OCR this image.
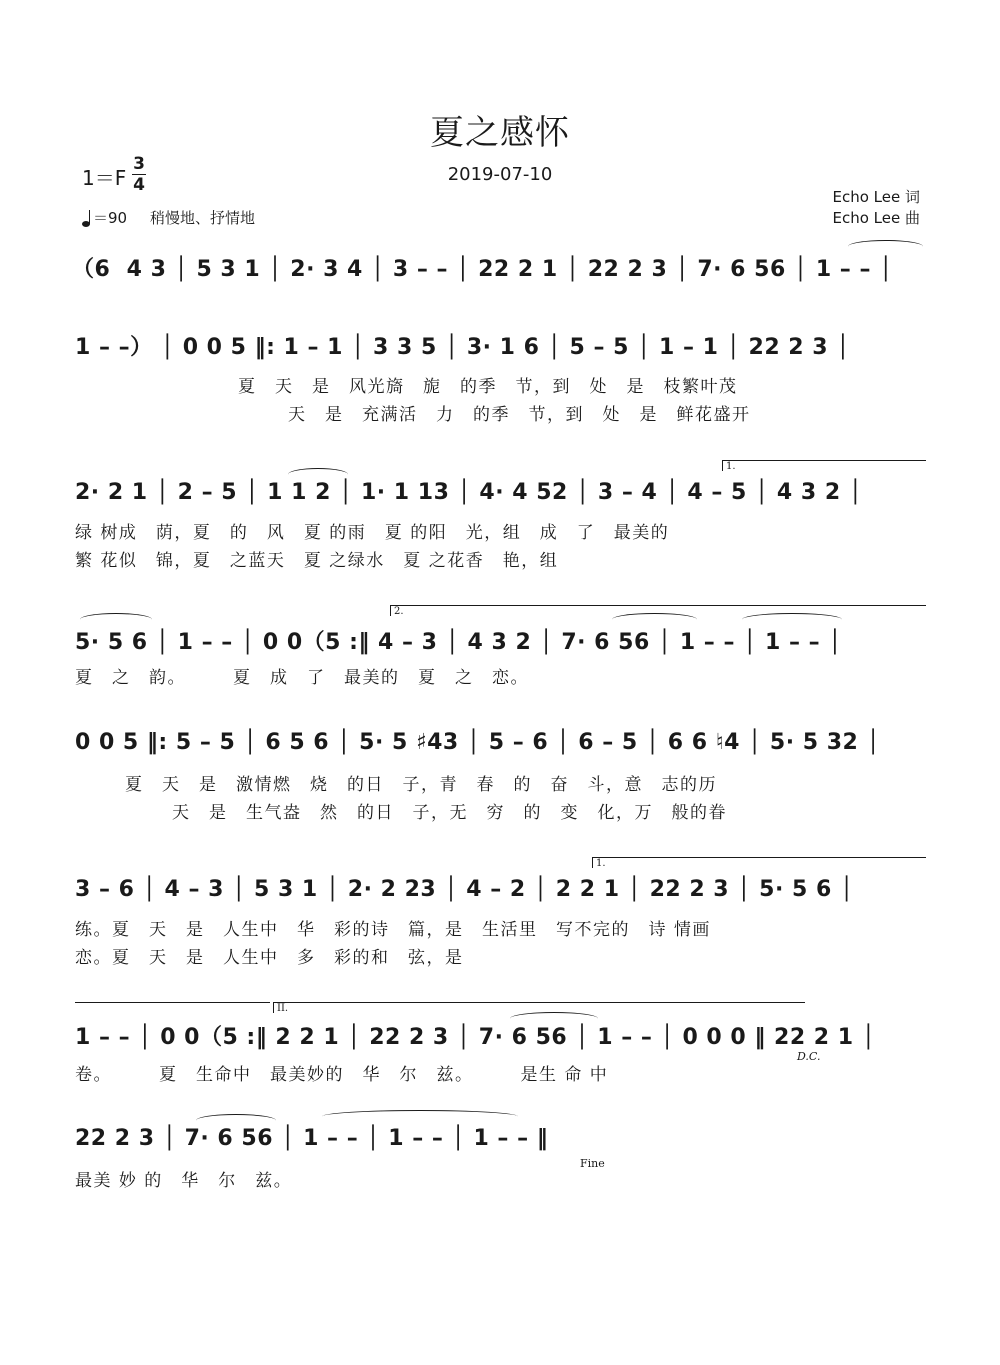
夏之感怀
2019-07-10
1＝F
3
4
＝90 稍慢地、抒情地
Echo Lee 词
Echo Lee 曲
（6  4 3 │ 5 3 1 │ 2· 3 4 │ 3 – – │ 22 2 1 │ 22 2 3 │ 7· 6 56 │ 1 – – │
1 – –） │ 0 0 5 ‖: 1 – 1 │ 3 3 5 │ 3· 1 6 │ 5 – 5 │ 1 – 1 │ 22 2 3 │
夏　天　是　风光旖　旎　的季　节，到　处　是　枝繁叶茂
天　是　充满活　力　的季　节，到　处　是　鲜花盛开
1.
2· 2 1 │ 2 – 5 │ 1 1 2 │ 1· 1 13 │ 4· 4 52 │ 3 – 4 │ 4 – 5 │ 4 3 2 │
绿 树成　荫，夏　的　风　夏 的雨　夏 的阳　光，组　成　了　最美的
繁 花似　锦，夏　之蓝天　夏 之绿水　夏 之花香　艳，组
2.
5· 5 6 │ 1 – – │ 0 0（5 :‖ 4 – 3 │ 4 3 2 │ 7· 6 56 │ 1 – – │ 1 – – │
夏　之　韵。　　　夏　成　了　最美的　夏　之　恋。
0 0 5 ‖: 5 – 5 │ 6 5 6 │ 5· 5 ♯43 │ 5 – 6 │ 6 – 5 │ 6 6 ♮4 │ 5· 5 32 │
夏　天　是　激情燃　烧　的日　子，青　春　的　奋　斗，意　志的历
天　是　生气盎　然　的日　子，无　穷　的　变　化，万　般的眷
1.
3 – 6 │ 4 – 3 │ 5 3 1 │ 2· 2 23 │ 4 – 2 │ 2 2 1 │ 22 2 3 │ 5· 5 6 │
练。夏　天　是　人生中　华　彩的诗　篇，是　生活里　写不完的　诗 情画
恋。夏　天　是　人生中　多　彩的和　弦，是
II.
1 – – │ 0 0（5 :‖ 2 2 1 │ 22 2 3 │ 7· 6 56 │ 1 – – │ 0 0 0 ‖ 22 2 1 │
D.C.
卷。　　　夏　生命中　最美妙的　华　尔　兹。　　　是生 命 中
22 2 3 │ 7· 6 56 │ 1 – – │ 1 – – │ 1 – – ‖
Fine
最美 妙 的　华　尔　兹。
